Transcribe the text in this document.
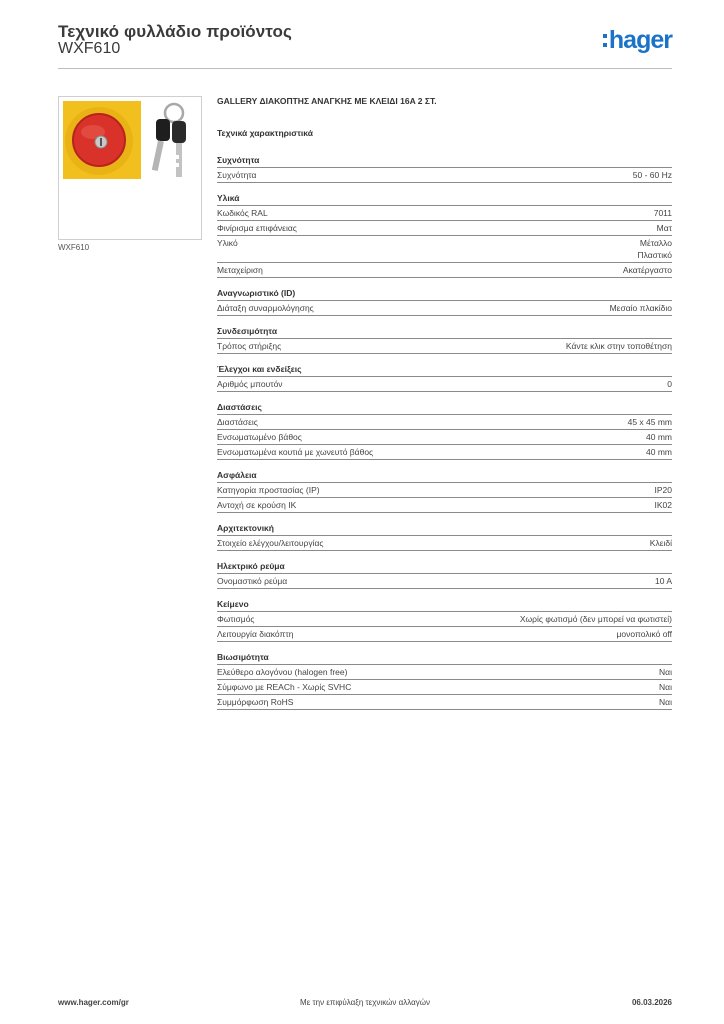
Τεχνικό φυλλάδιο προϊόντος
WXF610	hager
WXF610
GALLERY ΔΙΑΚΟΠΤΗΣ ΑΝΑΓΚΗΣ ΜΕ ΚΛΕΙΔΙ 16A 2 ΣΤ.
Τεχνικά χαρακτηριστικά
Συχνότητα
Συχνότητα	50 - 60 Hz
Υλικά
Κωδικός RAL	7011
Φινίρισμα επιφάνειας	Ματ
Υλικό	Μέταλλο
Πλαστικό
Μεταχείριση	Ακατέργαστο
Αναγνωριστικό (ID)
Διάταξη συναρμολόγησης	Μεσαίο πλακίδιο
Συνδεσιμότητα
Τρόπος στήριξης	Κάντε κλικ στην τοποθέτηση
Έλεγχοι και ενδείξεις
Αριθμός μπουτόν	0
Διαστάσεις
Διαστάσεις	45 x 45 mm
Ενσωματωμένο βάθος	40 mm
Ενσωματωμένα κουτιά με χωνευτό βάθος	40 mm
Ασφάλεια
Κατηγορία προστασίας (IP)	IP20
Αντοχή σε κρούση IK	IK02
Αρχιτεκτονική
Στοιχείο ελέγχου/λειτουργίας	Κλειδί
Ηλεκτρικό ρεύμα
Ονομαστικό ρεύμα	10 A
Κείμενο
Φωτισμός	Χωρίς φωτισμό (δεν μπορεί να φωτιστεί)
Λειτουργία διακόπτη	μονοπολικό off
Βιωσιμότητα
Ελεύθερο αλογόνου (halogen free)	Ναι
Σύμφωνο με REACh - Χωρίς SVHC	Ναι
Συμμόρφωση RoHS	Ναι
www.hager.com/gr	Με την επιφύλαξη τεχνικών αλλαγών	06.03.2026
